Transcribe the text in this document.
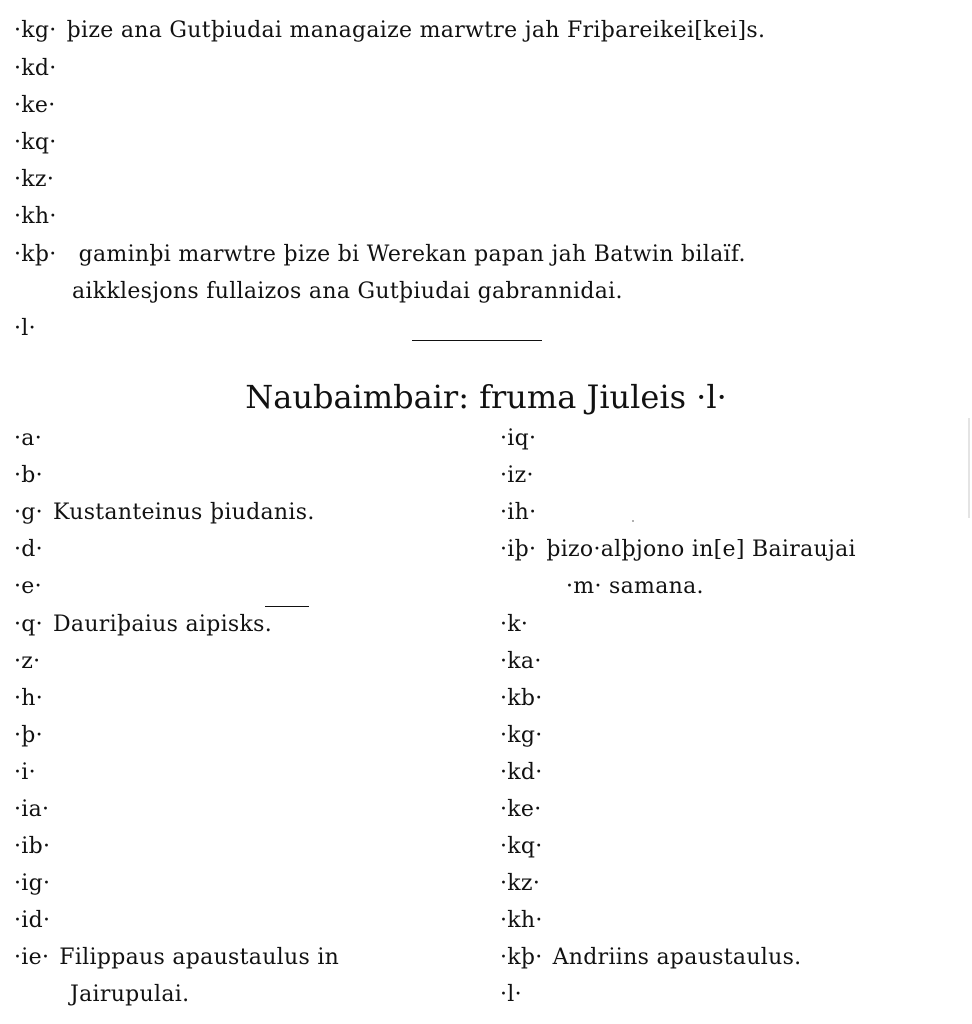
·kg· þize ana Gutþiudai managaize marwtre jah Friþareikei[kei]s.
·kd·
·ke·
·kq·
·kz·
·kh·
·kþ· gaminþi marwtre þize bi Werekan papan jah Batwin bilaïf.
aikklesjons fullaizos ana Gutþiudai gabrannidai.
·l·
Naubaimbair: fruma Jiuleis ·l·
·a·
·b·
·g· Kustanteinus þiudanis.
·d·
·e·
·q· Dauriþaius aipisks.
·z·
·h·
·þ·
·i·
·ia·
·ib·
·ig·
·id·
·ie· Filippaus apaustaulus in
Jairupulai.
·iq·
·iz·
·ih·
·iþ· þizo·alþjono in[e] Bairaujai
·m· samana.
·k·
·ka·
·kb·
·kg·
·kd·
·ke·
·kq·
·kz·
·kh·
·kþ· Andriins apaustaulus.
·l·
